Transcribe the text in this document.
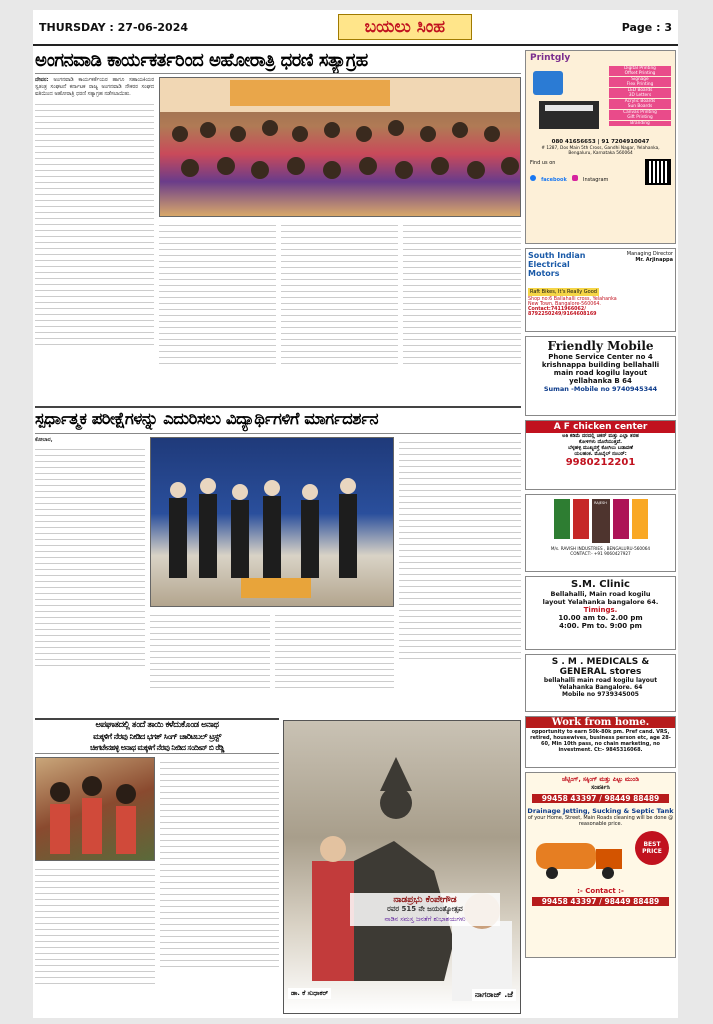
THURSDAY : 27-06-2024	ಬಯಲು ಸಿಂಹ	Page : 3
ಅಂಗನವಾಡಿ ಕಾರ್ಯಕರ್ತರಿಂದ ಅಹೋರಾತ್ರಿ ಧರಣಿ ಸತ್ಯಾಗ್ರಹ
ದೇವನ: ಅಂಗನವಾಡಿ ಕಾರ್ಯಕರ್ತೆಯರ ಹಾಗೂ ಸಹಾಯಕಿಯರ ಸ್ವತಂತ್ರ ಸಂಘಟನೆ ಕರ್ನಾಟಕ ರಾಜ್ಯ ಅಂಗನವಾಡಿ ನೌಕರರ ಸಂಘದ ವತಿಯಿಂದ ಅಹೋರಾತ್ರಿ ಧರಣಿ ಸತ್ಯಾಗ್ರಹ ನಡೆಸಲಾಯಿತು.
ಸ್ಪರ್ಧಾತ್ಮಕ ಪರೀಕ್ಷೆಗಳನ್ನು ಎದುರಿಸಲು ವಿದ್ಯಾರ್ಥಿಗಳಿಗೆ ಮಾರ್ಗದರ್ಶನ
ಕೋಲಾರ,
ಅಪಘಾತದಲ್ಲಿ ತಂದೆ ತಾಯಿ ಕಳೆದುಕೊಂಡ ಅನಾಥ
ಮಕ್ಕಳಿಗೆ ನೆರವು ನೀಡಿದ ಭಗತ್ ಸಿಂಗ್ ಚಾರಿಟಬಲ್ ಟ್ರಸ್ಟ್
ಚೀಗಟೇನಹಳ್ಳಿ ಅನಾಥ ಮಕ್ಕಳಿಗೆ ನೆರವು ನೀಡಿದ ಸಂದೀಪ್ ಬಿ ರೆಡ್ಡಿ
ನಾಡಪ್ರಭು ಕೆಂಪೇಗೌಡ
ರವರ 515 ನೇ ಜಯಂತ್ಯೋತ್ಸವ
ನಾಡಿನ ಸಮಸ್ತ ಜನತೆಗೆ ಶುಭಾಶಯಗಳು
ಡಾ. ಕೆ ಸುಧಾಕರ್	ನಾಗರಾಜ್ .ಜೆ
Printgly
Digital Printing
Offset Printing
Signage
Flex Printing
LED Boards
3D Letters
Acrylic Boards
Sun Boards
Canvas Printing
Gift Printing
Branding
080 41656653 | 91 7204910047
# 1287, Dos Main 5th Cross, Gandhi Nagar, Yelahanka, Bengaluru, Karnataka 560064
Find us on
facebook	Instagram
South Indian Electrical Motors
Managing Director
Mr. Arjinappa
Raft Bikes, It's Really Good
Shop no:6 Ballahalli cross, Yelahanka New Town, Bangalore-560064.
Contact:7411966062/ 8792250249/9164608169
Friendly Mobile
Phone Service Center no 4
krishnappa building bellahalli
main road kogilu layout
yellahanka B 64
Suman -Mobile no 9740945344
A F chicken center
ಅತಿ ಕಡಿಮೆ ದರದಲ್ಲಿ ಚಿಕನ್ ಮತ್ತು ಎಲ್ಲಾ ತರಹ
ಕೋಳಿಗಳು ದೊರೆಯುತ್ತವೆ.
ಬೆಳ್ಳಹಳ್ಳಿ ಮುಖ್ಯರಸ್ತೆ ಕೋಗಿಲು ಬಡಾವಣೆ
ಯಲಹಂಕ. ಮೊಬೈಲ್ ನಂಬರ್:
9980212201
RAJESH
M/s. RAVISH INDUSTRIES , BENGALURU-560064
CONTACT:- +91 9060427927
S.M. Clinic
Bellahalli, Main road kogilu
layout Yelahanka bangalore 64.
Timings.
10.00 am to. 2.00 pm
4:00. Pm to. 9:00 pm
S . M . MEDICALS &
GENERAL stores
bellahalli main road kogilu layout
Yelahanka Bangalore. 64
Mobile no 9739345005
Work from home.
opportunity to earn 50k-80k pm. Pref cand. VRS, retired, housewives, business person etc, age 28-60, Min 10th pass, no chain marketing, no investment. Ct:- 9845316068.
ಜೆಟ್ಟಿಂಗ್, ಸಕ್ಕಿಂಗ್ ಮತ್ತು ಪಿಟ್ಟು ಮುಂಡಿ
ಸಂಪರ್ಕಿಸಿ
99458 43397 / 98449 88489
Drainage Jetting, Sucking & Septic Tank
of your Home, Street, Main Roads cleaning will be done @ reasonable price.
BEST
PRICE
:- Contact :-
99458 43397 / 98449 88489
